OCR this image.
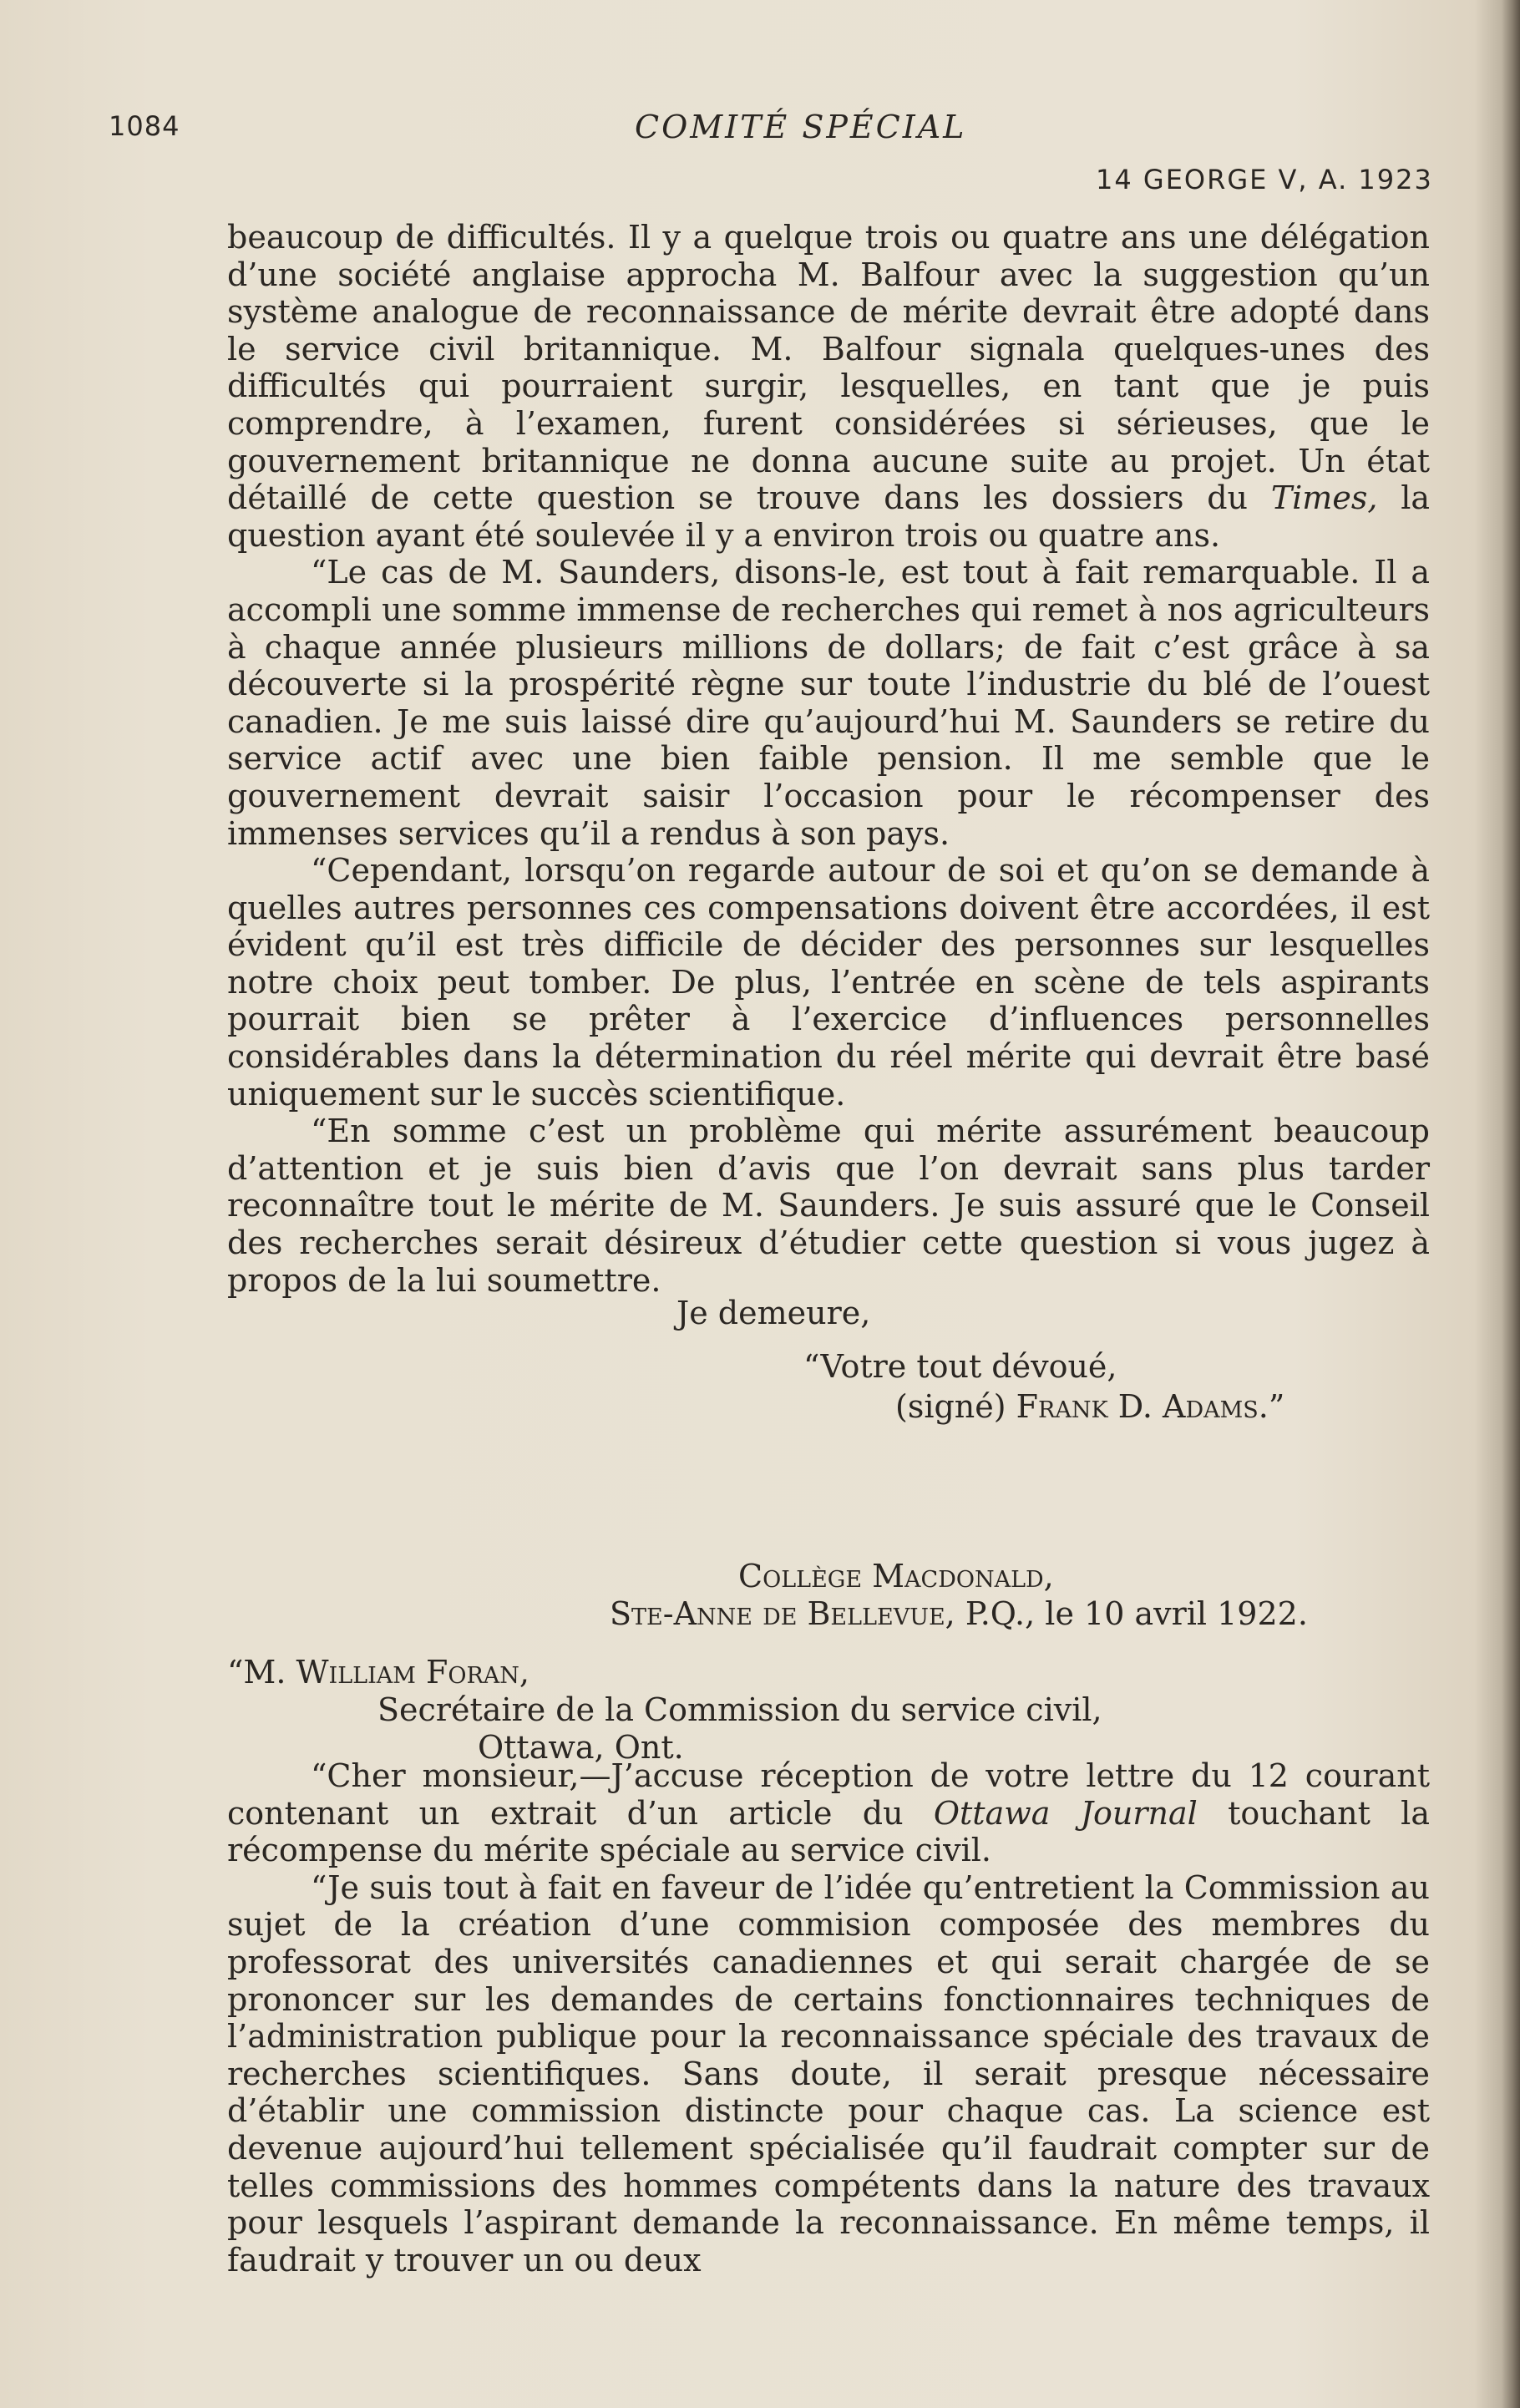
1084	COMITÉ SPÉCIAL
14 GEORGE V, A. 1923

beaucoup de difficultés. Il y a quelque trois ou quatre ans une délégation d’une société anglaise approcha M. Balfour avec la suggestion qu’un système analogue de reconnaissance de mérite devrait être adopté dans le service civil britannique. M. Balfour signala quelques-unes des difficultés qui pourraient surgir, lesquelles, en tant que je puis comprendre, à l’examen, furent considérées si sérieuses, que le gouvernement britannique ne donna aucune suite au projet. Un état détaillé de cette question se trouve dans les dossiers du Times, la question ayant été soulevée il y a environ trois ou quatre ans.

“Le cas de M. Saunders, disons-le, est tout à fait remarquable. Il a accompli une somme immense de recherches qui remet à nos agriculteurs à chaque année plusieurs millions de dollars; de fait c’est grâce à sa découverte si la prospérité règne sur toute l’industrie du blé de l’ouest canadien. Je me suis laissé dire qu’aujourd’hui M. Saunders se retire du service actif avec une bien faible pension. Il me semble que le gouvernement devrait saisir l’occasion pour le récompenser des immenses services qu’il a rendus à son pays.

“Cependant, lorsqu’on regarde autour de soi et qu’on se demande à quelles autres personnes ces compensations doivent être accordées, il est évident qu’il est très difficile de décider des personnes sur lesquelles notre choix peut tomber. De plus, l’entrée en scène de tels aspirants pourrait bien se prêter à l’exercice d’influences personnelles considérables dans la détermination du réel mérite qui devrait être basé uniquement sur le succès scientifique.

“En somme c’est un problème qui mérite assurément beaucoup d’attention et je suis bien d’avis que l’on devrait sans plus tarder reconnaître tout le mérite de M. Saunders. Je suis assuré que le Conseil des recherches serait désireux d’étudier cette question si vous jugez à propos de la lui soumettre.

Je demeure,
“Votre tout dévoué,
(signé) Frank D. Adams.”
Collège Macdonald,
Ste-Anne de Bellevue, P.Q., le 10 avril 1922.
“M. William Foran,
Secrétaire de la Commission du service civil,
Ottawa, Ont.

“Cher monsieur,—J’accuse réception de votre lettre du 12 courant contenant un extrait d’un article du Ottawa Journal touchant la récompense du mérite spéciale au service civil.

“Je suis tout à fait en faveur de l’idée qu’entretient la Commission au sujet de la création d’une commision composée des membres du professorat des universités canadiennes et qui serait chargée de se prononcer sur les demandes de certains fonctionnaires techniques de l’administration publique pour la reconnaissance spéciale des travaux de recherches scientifiques. Sans doute, il serait presque nécessaire d’établir une commission distincte pour chaque cas. La science est devenue aujourd’hui tellement spécialisée qu’il faudrait compter sur de telles commissions des hommes compétents dans la nature des travaux pour lesquels l’aspirant demande la reconnaissance. En même temps, il faudrait y trouver un ou deux
